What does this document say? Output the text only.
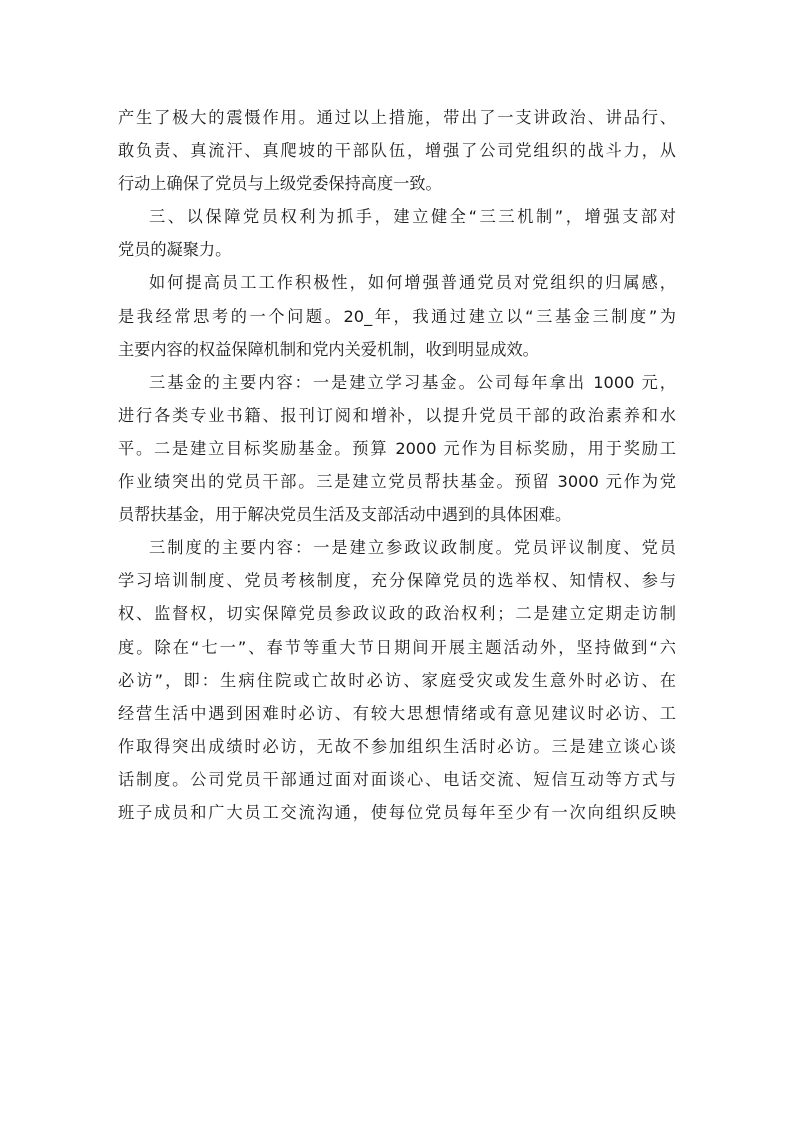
产生了极大的震慑作用。通过以上措施，带出了一支讲政治、讲品行、
敢负责、真流汗、真爬坡的干部队伍，增强了公司党组织的战斗力，从
行动上确保了党员与上级党委保持高度一致。
三、以保障党员权利为抓手，建立健全“三三机制”，增强支部对
党员的凝聚力。
如何提高员工工作积极性，如何增强普通党员对党组织的归属感，
是我经常思考的一个问题。20_年，我通过建立以“三基金三制度”为
主要内容的权益保障机制和党内关爱机制，收到明显成效。
三基金的主要内容：一是建立学习基金。公司每年拿出 1000 元，
进行各类专业书籍、报刊订阅和增补，以提升党员干部的政治素养和水
平。二是建立目标奖励基金。预算 2000 元作为目标奖励，用于奖励工
作业绩突出的党员干部。三是建立党员帮扶基金。预留 3000 元作为党
员帮扶基金，用于解决党员生活及支部活动中遇到的具体困难。
三制度的主要内容：一是建立参政议政制度。党员评议制度、党员
学习培训制度、党员考核制度，充分保障党员的选举权、知情权、参与
权、监督权，切实保障党员参政议政的政治权利；二是建立定期走访制
度。除在“七一”、春节等重大节日期间开展主题活动外，坚持做到“六
必访”，即：生病住院或亡故时必访、家庭受灾或发生意外时必访、在
经营生活中遇到困难时必访、有较大思想情绪或有意见建议时必访、工
作取得突出成绩时必访，无故不参加组织生活时必访。三是建立谈心谈
话制度。公司党员干部通过面对面谈心、电话交流、短信互动等方式与
班子成员和广大员工交流沟通，使每位党员每年至少有一次向组织反映
